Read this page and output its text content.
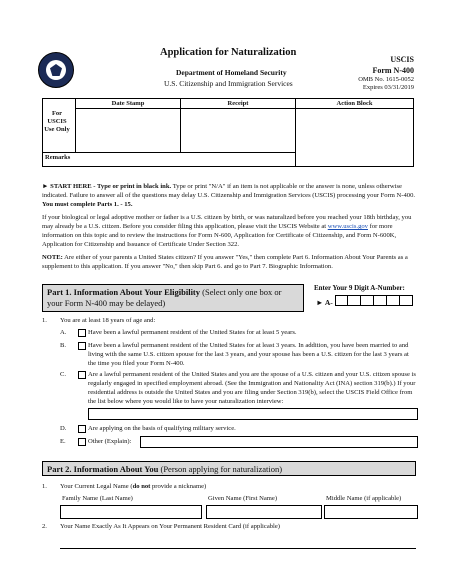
Application for Naturalization
Department of Homeland Security
U.S. Citizenship and Immigration Services
USCIS
Form N-400
OMB No. 1615-0052
Expires 03/31/2019
	Date Stamp	Receipt	Action Block

Remarks			
For USCIS Use Only
► START HERE - Type or print in black ink. Type or print "N/A" if an item is not applicable or the answer is none, unless otherwise indicated. Failure to answer all of the questions may delay U.S. Citizenship and Immigration Services (USCIS) processing your Form N-400. You must complete Parts 1. - 15.
If your biological or legal adoptive mother or father is a U.S. citizen by birth, or was naturalized before you reached your 18th birthday, you may already be a U.S. citizen. Before you consider filing this application, please visit the USCIS Website at www.uscis.gov for more information on this topic and to review the instructions for Form N-600, Application for Certificate of Citizenship, and Form N-600K, Application for Citizenship and Issuance of Certificate Under Section 322.
NOTE: Are either of your parents a United States citizen? If you answer "Yes," then complete Part 6. Information About Your Parents as a supplement to this application. If you answer "No," then skip Part 6. and go to Part 7. Biographic Information.
Part 1. Information About Your Eligibility (Select only one box or your Form N-400 may be delayed)
Enter Your 9 Digit A-Number:
► A-
1. You are at least 18 years of age and:
A.	Have been a lawful permanent resident of the United States for at least 5 years.
B.	Have been a lawful permanent resident of the United States for at least 3 years. In addition, you have been married to and living with the same U.S. citizen spouse for the last 3 years, and your spouse has been a U.S. citizen for the last 3 years at the time you filed your Form N-400.
C.	Are a lawful permanent resident of the United States and you are the spouse of a U.S. citizen and your U.S. citizen spouse is regularly engaged in specified employment abroad. (See the Immigration and Nationality Act (INA) section 319(b).) If your residential address is outside the United States and you are filing under Section 319(b), select the USCIS Field Office from the list below where you would like to have your naturalization interview:
D.	Are applying on the basis of qualifying military service.
E.	Other (Explain):
Part 2. Information About You (Person applying for naturalization)
1. Your Current Legal Name (do not provide a nickname)
Family Name (Last Name)	Given Name (First Name)	Middle Name (if applicable)
2. Your Name Exactly As It Appears on Your Permanent Resident Card (if applicable)
